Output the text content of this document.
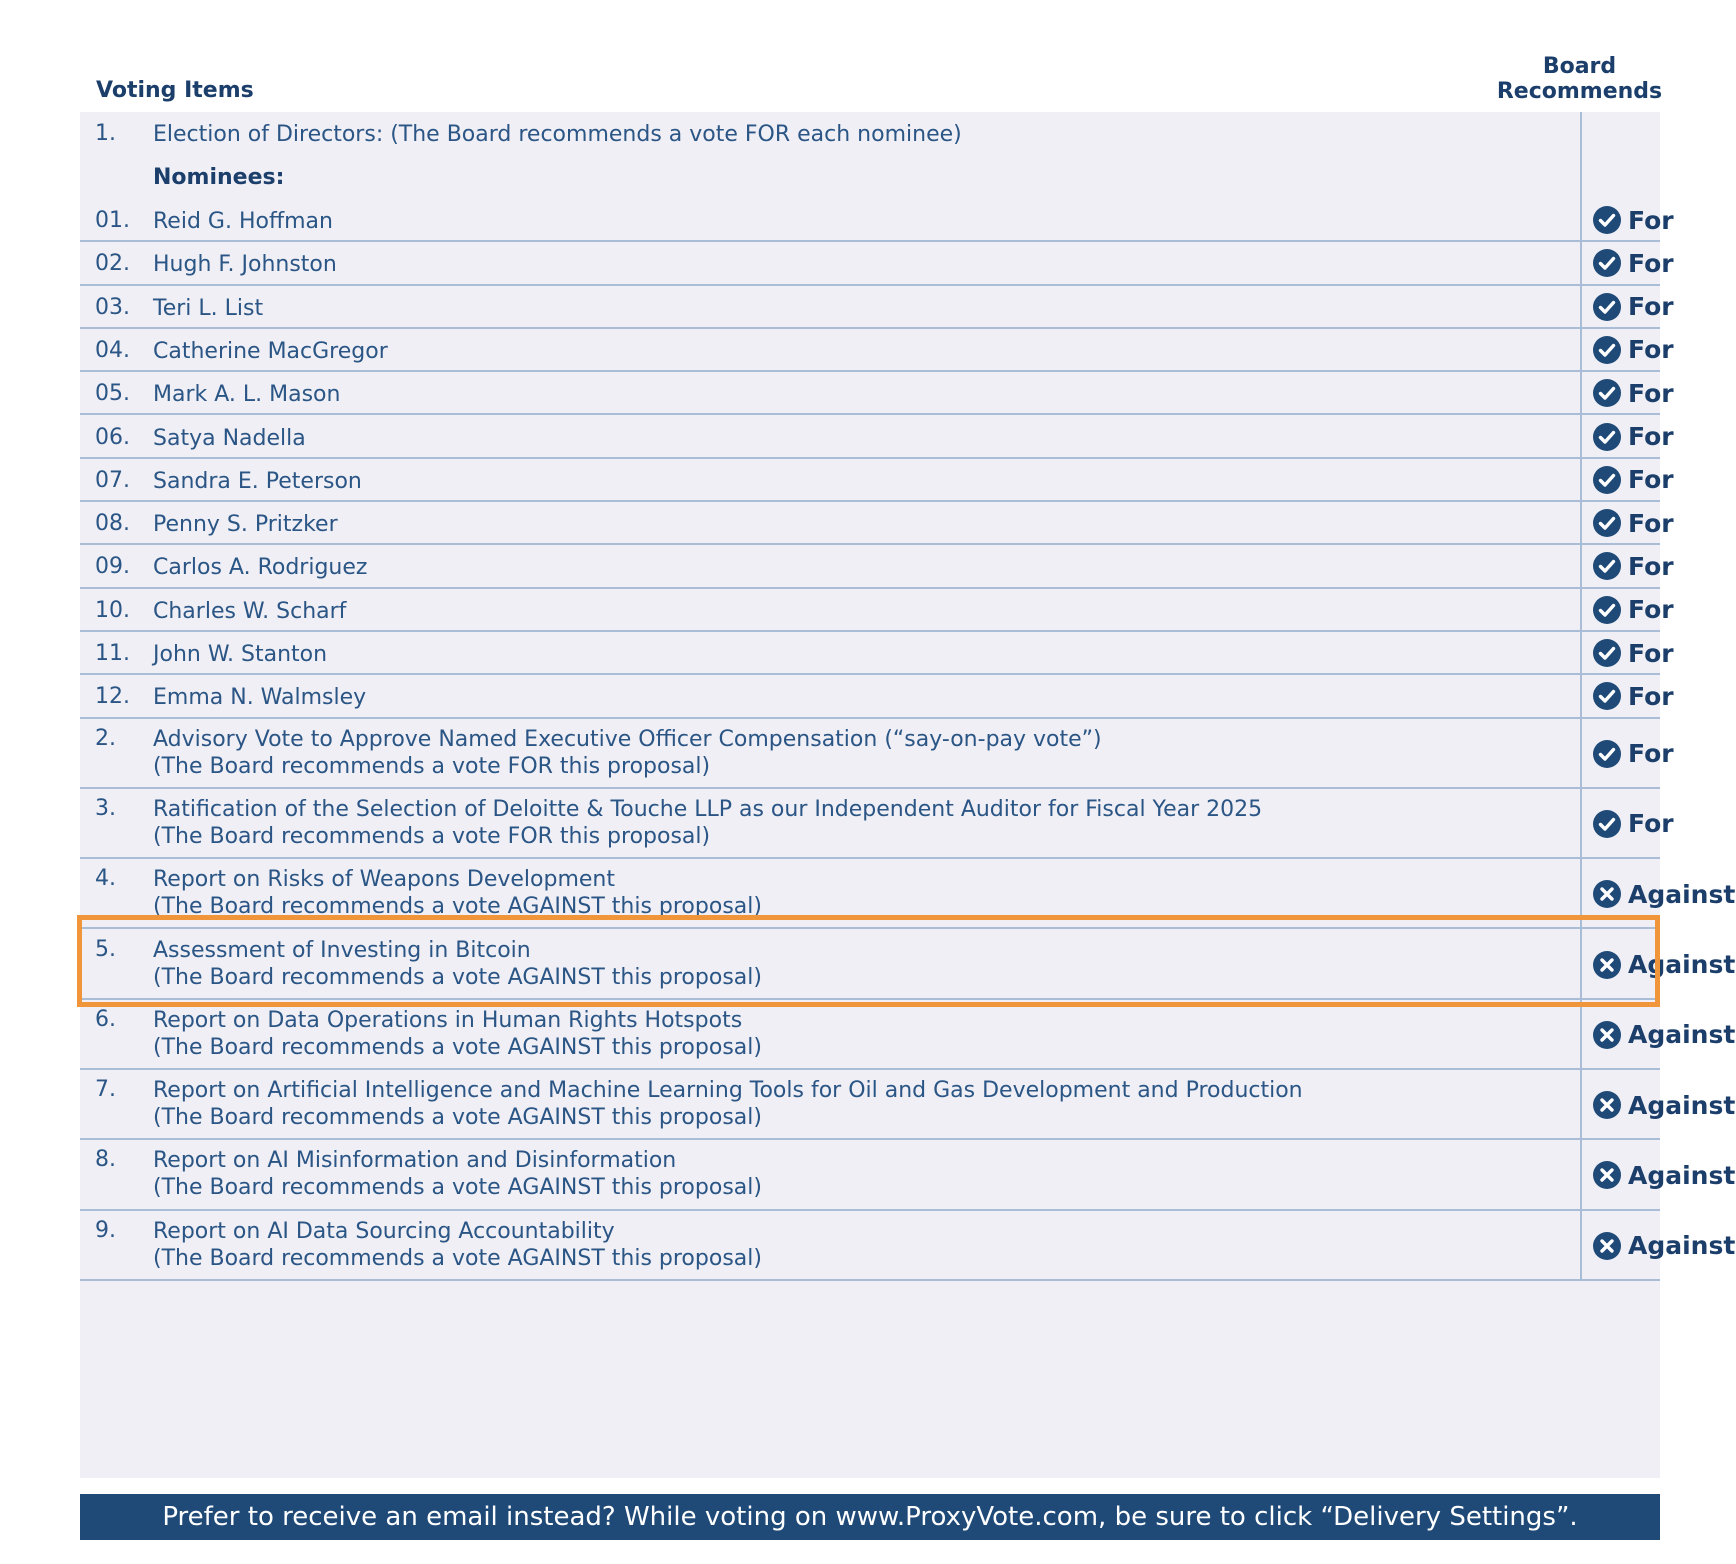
Voting Items
Board
Recommends
1. Election of Directors: (The Board recommends a vote FOR each nominee)
Nominees:
01. Reid G. Hoffman	For
02. Hugh F. Johnston	For
03. Teri L. List	For
04. Catherine MacGregor	For
05. Mark A. L. Mason	For
06. Satya Nadella	For
07. Sandra E. Peterson	For
08. Penny S. Pritzker	For
09. Carlos A. Rodriguez	For
10. Charles W. Scharf	For
11. John W. Stanton	For
12. Emma N. Walmsley	For
2. Advisory Vote to Approve Named Executive Officer Compensation (“say-on-pay vote”)
(The Board recommends a vote FOR this proposal)	For
3. Ratification of the Selection of Deloitte & Touche LLP as our Independent Auditor for Fiscal Year 2025
(The Board recommends a vote FOR this proposal)	For
4. Report on Risks of Weapons Development
(The Board recommends a vote AGAINST this proposal)	Against
5. Assessment of Investing in Bitcoin
(The Board recommends a vote AGAINST this proposal)	Against
6. Report on Data Operations in Human Rights Hotspots
(The Board recommends a vote AGAINST this proposal)	Against
7. Report on Artificial Intelligence and Machine Learning Tools for Oil and Gas Development and Production
(The Board recommends a vote AGAINST this proposal)	Against
8. Report on AI Misinformation and Disinformation
(The Board recommends a vote AGAINST this proposal)	Against
9. Report on AI Data Sourcing Accountability
(The Board recommends a vote AGAINST this proposal)	Against
Prefer to receive an email instead? While voting on www.ProxyVote.com, be sure to click “Delivery Settings”.
